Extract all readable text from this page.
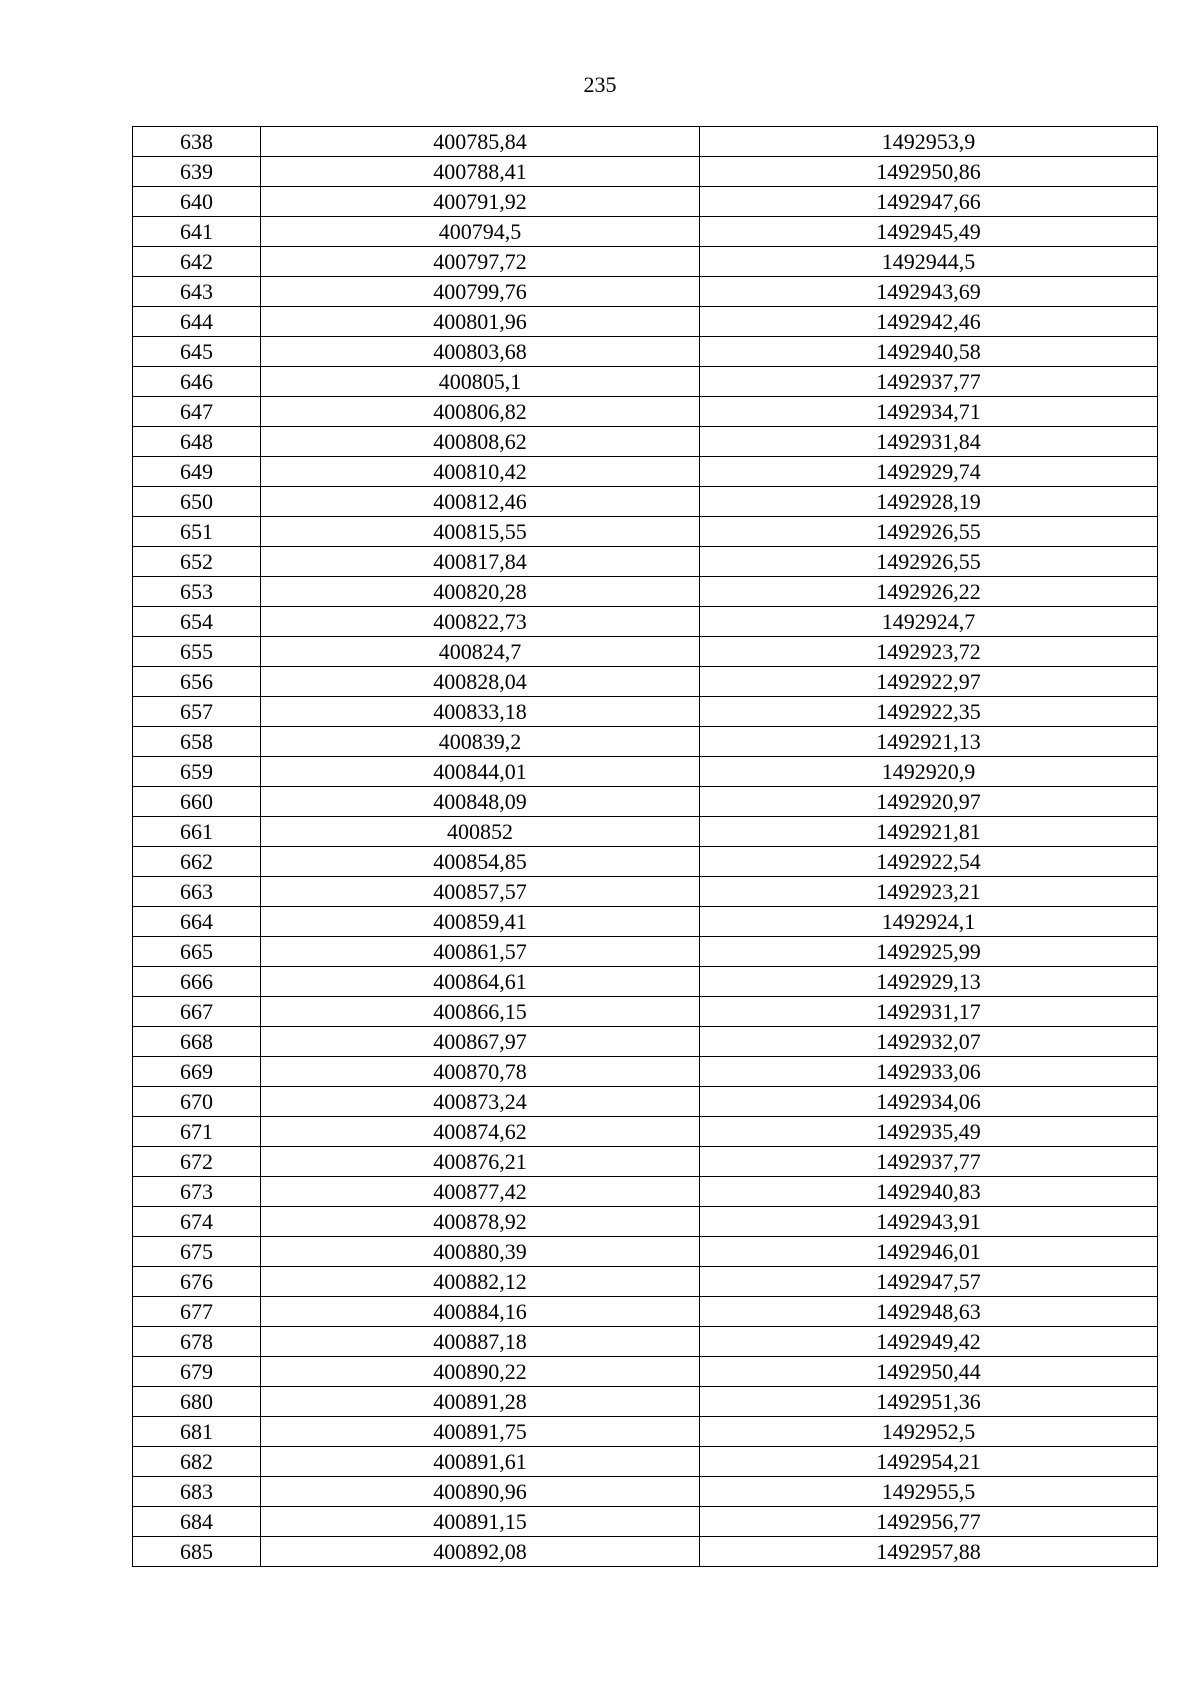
235
638	400785,84	1492953,9
639	400788,41	1492950,86
640	400791,92	1492947,66
641	400794,5	1492945,49
642	400797,72	1492944,5
643	400799,76	1492943,69
644	400801,96	1492942,46
645	400803,68	1492940,58
646	400805,1	1492937,77
647	400806,82	1492934,71
648	400808,62	1492931,84
649	400810,42	1492929,74
650	400812,46	1492928,19
651	400815,55	1492926,55
652	400817,84	1492926,55
653	400820,28	1492926,22
654	400822,73	1492924,7
655	400824,7	1492923,72
656	400828,04	1492922,97
657	400833,18	1492922,35
658	400839,2	1492921,13
659	400844,01	1492920,9
660	400848,09	1492920,97
661	400852	1492921,81
662	400854,85	1492922,54
663	400857,57	1492923,21
664	400859,41	1492924,1
665	400861,57	1492925,99
666	400864,61	1492929,13
667	400866,15	1492931,17
668	400867,97	1492932,07
669	400870,78	1492933,06
670	400873,24	1492934,06
671	400874,62	1492935,49
672	400876,21	1492937,77
673	400877,42	1492940,83
674	400878,92	1492943,91
675	400880,39	1492946,01
676	400882,12	1492947,57
677	400884,16	1492948,63
678	400887,18	1492949,42
679	400890,22	1492950,44
680	400891,28	1492951,36
681	400891,75	1492952,5
682	400891,61	1492954,21
683	400890,96	1492955,5
684	400891,15	1492956,77
685	400892,08	1492957,88
